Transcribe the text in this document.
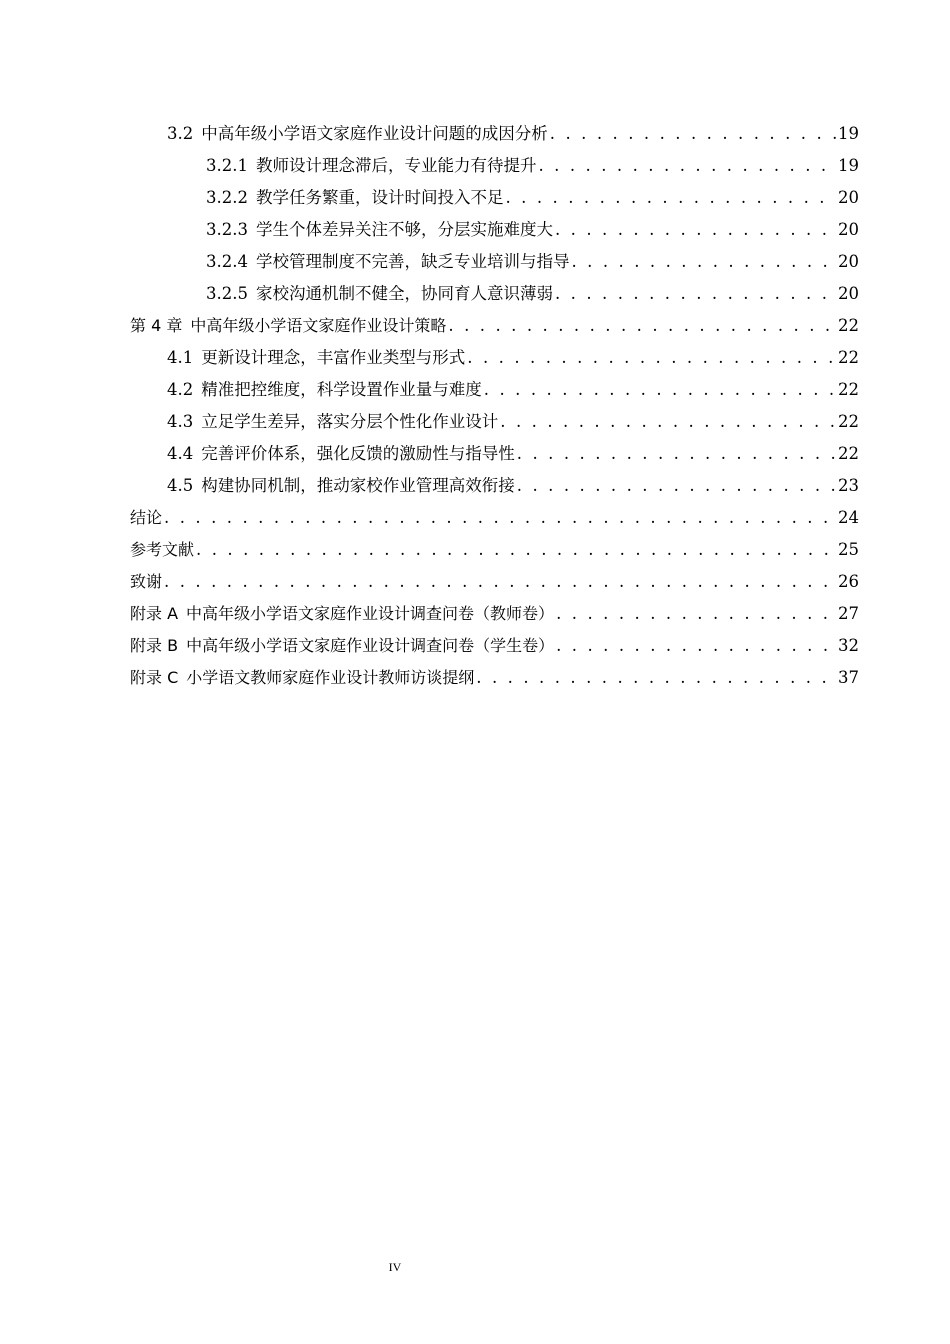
3.2 中高年级小学语文家庭作业设计问题的成因分析 . . .	19
3.2.1 教师设计理念滞后，专业能力有待提升 . . .	19
3.2.2 教学任务繁重，设计时间投入不足 . . .	20
3.2.3 学生个体差异关注不够，分层实施难度大 . . .	20
3.2.4 学校管理制度不完善，缺乏专业培训与指导 . . .	20
3.2.5 家校沟通机制不健全，协同育人意识薄弱 . . .	20
第 4 章 中高年级小学语文家庭作业设计策略 . . .	22
4.1 更新设计理念，丰富作业类型与形式 . . .	22
4.2 精准把控维度，科学设置作业量与难度 . . .	22
4.3 立足学生差异，落实分层个性化作业设计 . . .	22
4.4 完善评价体系，强化反馈的激励性与指导性 . . .	22
4.5 构建协同机制，推动家校作业管理高效衔接 . . .	23
结论 . . .	24
参考文献 . . .	25
致谢 . . .	26
附录 A 中高年级小学语文家庭作业设计调查问卷（教师卷） . . .	27
附录 B 中高年级小学语文家庭作业设计调查问卷（学生卷） . . .	32
附录 C 小学语文教师家庭作业设计教师访谈提纲 . . .	37
IV
